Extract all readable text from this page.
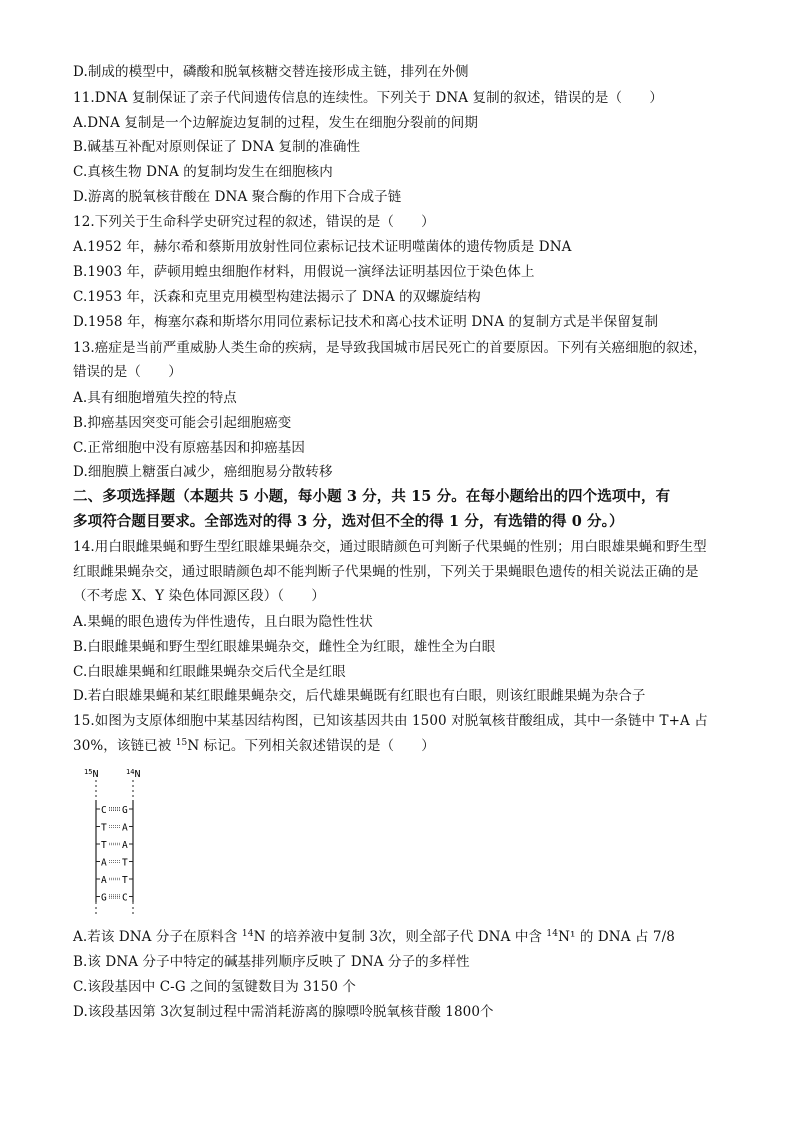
D.制成的模型中，磷酸和脱氧核糖交替连接形成主链，排列在外侧
11.DNA 复制保证了亲子代间遗传信息的连续性。下列关于 DNA 复制的叙述，错误的是（　　）
A.DNA 复制是一个边解旋边复制的过程，发生在细胞分裂前的间期
B.碱基互补配对原则保证了 DNA 复制的准确性
C.真核生物 DNA 的复制均发生在细胞核内
D.游离的脱氧核苷酸在 DNA 聚合酶的作用下合成子链
12.下列关于生命科学史研究过程的叙述，错误的是（　　）
A.1952 年，赫尔希和蔡斯用放射性同位素标记技术证明噬菌体的遗传物质是 DNA
B.1903 年，萨顿用蝗虫细胞作材料，用假说一演绎法证明基因位于染色体上
C.1953 年，沃森和克里克用模型构建法揭示了 DNA 的双螺旋结构
D.1958 年，梅塞尔森和斯塔尔用同位素标记技术和离心技术证明 DNA 的复制方式是半保留复制
13.癌症是当前严重威胁人类生命的疾病，是导致我国城市居民死亡的首要原因。下列有关癌细胞的叙述，
错误的是（　　）
A.具有细胞增殖失控的特点
B.抑癌基因突变可能会引起细胞癌变
C.正常细胞中没有原癌基因和抑癌基因
D.细胞膜上糖蛋白减少，癌细胞易分散转移
二、多项选择题（本题共 5 小题，每小题 3 分，共 15 分。在每小题给出的四个选项中，有
多项符合题目要求。全部选对的得 3 分，选对但不全的得 1 分，有选错的得 0 分。）
14.用白眼雌果蝇和野生型红眼雄果蝇杂交，通过眼睛颜色可判断子代果蝇的性别；用白眼雄果蝇和野生型
红眼雌果蝇杂交，通过眼睛颜色却不能判断子代果蝇的性别，下列关于果蝇眼色遗传的相关说法正确的是
（不考虑 X、Y 染色体同源区段）（　　）
A.果蝇的眼色遗传为伴性遗传，且白眼为隐性性状
B.白眼雌果蝇和野生型红眼雄果蝇杂交，雌性全为红眼，雄性全为白眼
C.白眼雄果蝇和红眼雌果蝇杂交后代全是红眼
D.若白眼雄果蝇和某红眼雌果蝇杂交，后代雄果蝇既有红眼也有白眼，则该红眼雌果蝇为杂合子
15.如图为支原体细胞中某基因结构图，已知该基因共由 1500 对脱氧核苷酸组成，其中一条链中 T+A 占
30%，该链已被 $^{15}$N 标记。下列相关叙述错误的是（　　）
$^{15}$N	$^{14}$N
C G
T A
T A
A T
A T
G C
A.若该 DNA 分子在原料含 $^{14}$N 的培养液中复制 3次，则全部子代 DNA 中含 $^{14}$N¹ 的 DNA 占 7/8
B.该 DNA 分子中特定的碱基排列顺序反映了 DNA 分子的多样性
C.该段基因中 C-G 之间的氢键数目为 3150 个
D.该段基因第 3次复制过程中需消耗游离的腺嘌呤脱氧核苷酸 1800个
